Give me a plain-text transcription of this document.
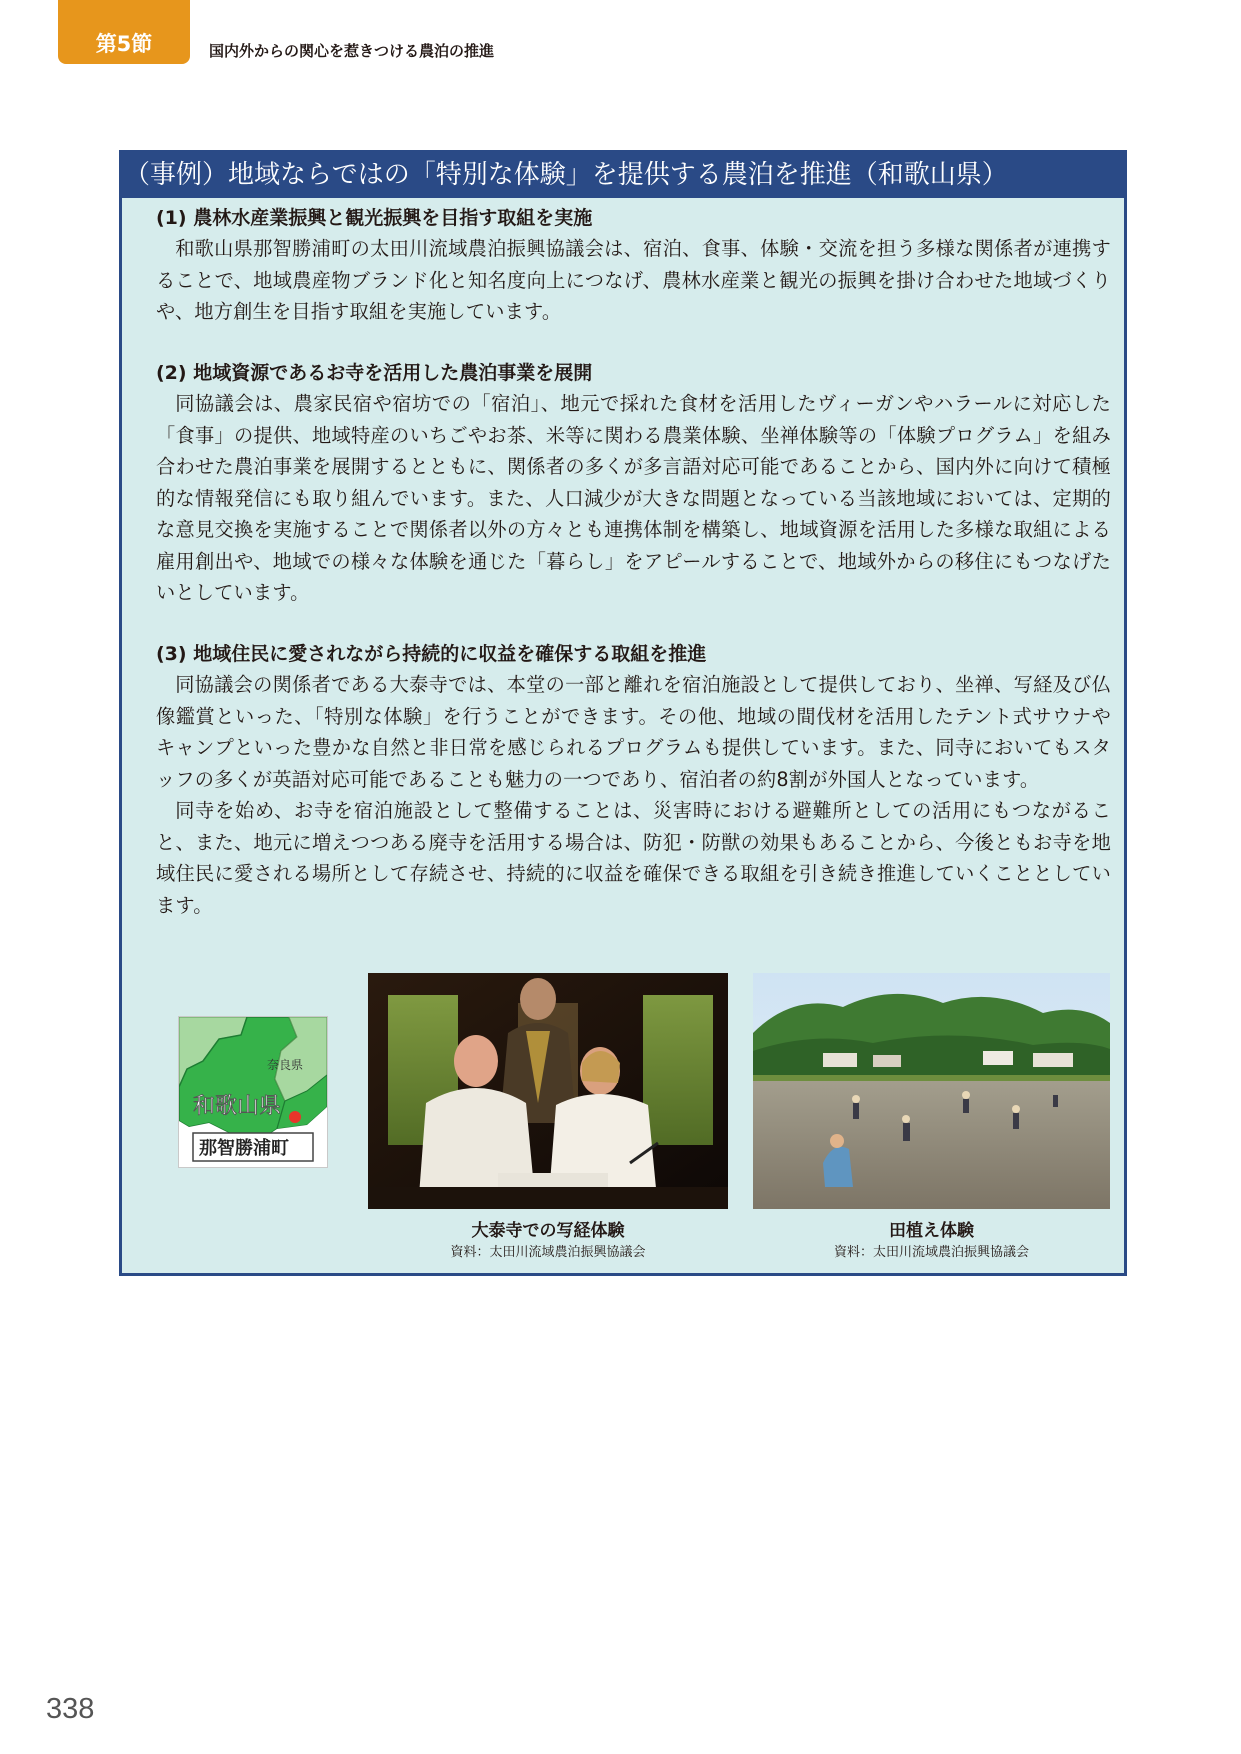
第5節	国内外からの関心を惹きつける農泊の推進
（事例）地域ならではの「特別な体験」を提供する農泊を推進（和歌山県）
(1) 農林水産業振興と観光振興を目指す取組を実施

和歌山県那智勝浦町の太田川流域農泊振興協議会は、宿泊、食事、体験・交流を担う多様な関係者が連携することで、地域農産物ブランド化と知名度向上につなげ、農林水産業と観光の振興を掛け合わせた地域づくりや、地方創生を目指す取組を実施しています。

(2) 地域資源であるお寺を活用した農泊事業を展開

同協議会は、農家民宿や宿坊での「宿泊」、地元で採れた食材を活用したヴィーガンやハラールに対応した「食事」の提供、地域特産のいちごやお茶、米等に関わる農業体験、坐禅体験等の「体験プログラム」を組み合わせた農泊事業を展開するとともに、関係者の多くが多言語対応可能であることから、国内外に向けて積極的な情報発信にも取り組んでいます。また、人口減少が大きな問題となっている当該地域においては、定期的な意見交換を実施することで関係者以外の方々とも連携体制を構築し、地域資源を活用した多様な取組による雇用創出や、地域での様々な体験を通じた「暮らし」をアピールすることで、地域外からの移住にもつなげたいとしています。

(3) 地域住民に愛されながら持続的に収益を確保する取組を推進

同協議会の関係者である大泰寺では、本堂の一部と離れを宿泊施設として提供しており、坐禅、写経及び仏像鑑賞といった、「特別な体験」を行うことができます。その他、地域の間伐材を活用したテント式サウナやキャンプといった豊かな自然と非日常を感じられるプログラムも提供しています。また、同寺においてもスタッフの多くが英語対応可能であることも魅力の一つであり、宿泊者の約8割が外国人となっています。

同寺を始め、お寺を宿泊施設として整備することは、災害時における避難所としての活用にもつながること、また、地元に増えつつある廃寺を活用する場合は、防犯・防獣の効果もあることから、今後ともお寺を地域住民に愛される場所として存続させ、持続的に収益を確保できる取組を引き続き推進していくこととしています。

奈良県
和歌山県
那智勝浦町
大泰寺での写経体験
資料：太田川流域農泊振興協議会
田植え体験
資料：太田川流域農泊振興協議会
338
